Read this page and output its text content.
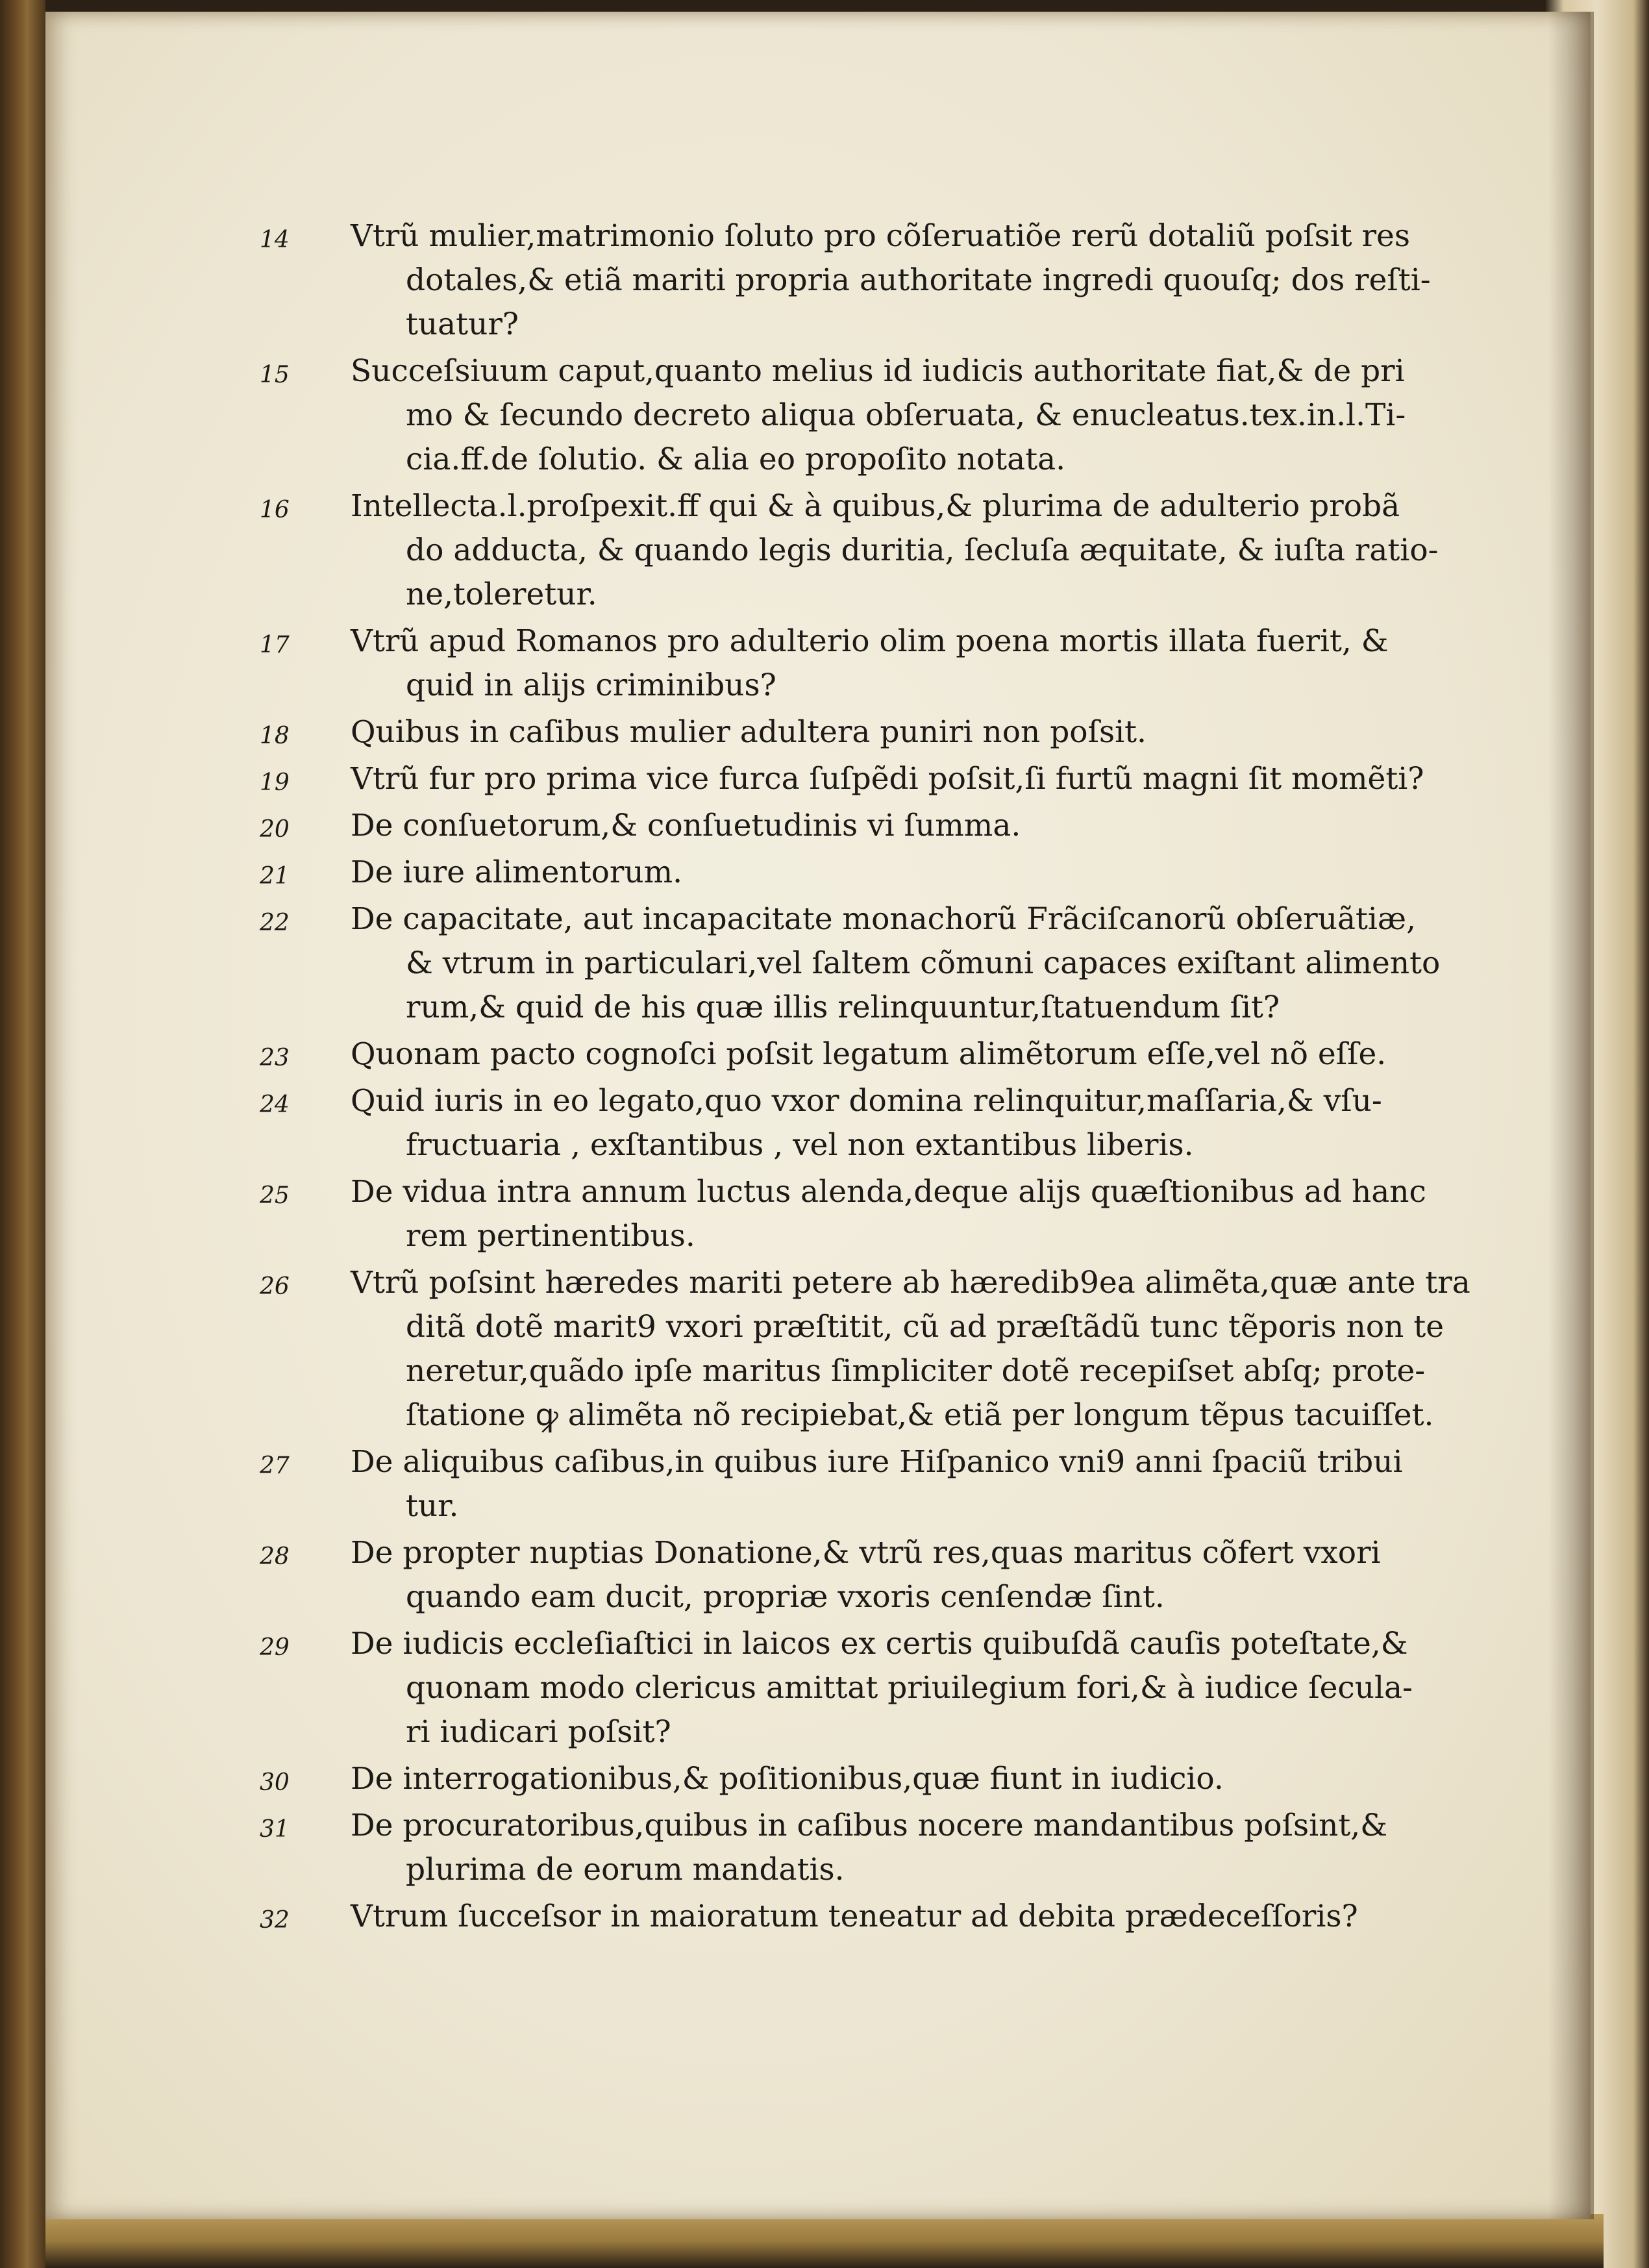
14	Vtrũ mulier,matrimonio ſoluto pro cõſeruatiõe rerũ dotaliũ poſsit res
dotales,& etiã mariti propria authoritate ingredi quouſq; dos reſti-
tuatur?
15	Succeſsiuum caput,quanto melius id iudicis authoritate fiat,& de pri
mo & ſecundo decreto aliqua obſeruata, & enucleatus.tex.in.l.Ti-
cia.ff.de ſolutio. & alia eo propoſito notata.
16	Intellecta.l.proſpexit.ff qui & à quibus,& plurima de adulterio probã
do adducta, & quando legis duritia, ſecluſa æquitate, & iuſta ratio-
ne,toleretur.
17	Vtrũ apud Romanos pro adulterio olim poena mortis illata fuerit, &
quid in alijs criminibus?
18	Quibus in caſibus mulier adultera puniri non poſsit.
19	Vtrũ fur pro prima vice furca ſuſpẽdi poſsit,ſi furtũ magni ſit momẽti?
20	De conſuetorum,& conſuetudinis vi ſumma.
21	De iure alimentorum.
22	De capacitate, aut incapacitate monachorũ Frãciſcanorũ obſeruãtiæ,
& vtrum in particulari,vel ſaltem cõmuni capaces exiſtant alimento
rum,& quid de his quæ illis relinquuntur,ſtatuendum ſit?
23	Quonam pacto cognoſci poſsit legatum alimẽtorum eſſe,vel nõ eſſe.
24	Quid iuris in eo legato,quo vxor domina relinquitur,maſſaria,& vſu-
fructuaria , exſtantibus , vel non extantibus liberis.
25	De vidua intra annum luctus alenda,deque alijs quæſtionibus ad hanc
rem pertinentibus.
26	Vtrũ poſsint hæredes mariti petere ab hæredib9ea alimẽta,quæ ante tra
ditã dotẽ marit9 vxori præſtitit, cũ ad præſtãdũ tunc tẽporis non te
neretur,quãdo ipſe maritus ſimpliciter dotẽ recepiſset abſq; prote-
ſtatione ꝙ alimẽta nõ recipiebat,& etiã per longum tẽpus tacuiſſet.
27	De aliquibus caſibus,in quibus iure Hiſpanico vni9 anni ſpaciũ tribui
tur.
28	De propter nuptias Donatione,& vtrũ res,quas maritus cõfert vxori
quando eam ducit, propriæ vxoris cenſendæ ſint.
29	De iudicis eccleſiaſtici in laicos ex certis quibuſdã cauſis poteſtate,&
quonam modo clericus amittat priuilegium fori,& à iudice ſecula-
ri iudicari poſsit?
30	De interrogationibus,& poſitionibus,quæ fiunt in iudicio.
31	De procuratoribus,quibus in caſibus nocere mandantibus poſsint,&
plurima de eorum mandatis.
32	Vtrum ſucceſsor in maioratum teneatur ad debita prædeceſſoris?
